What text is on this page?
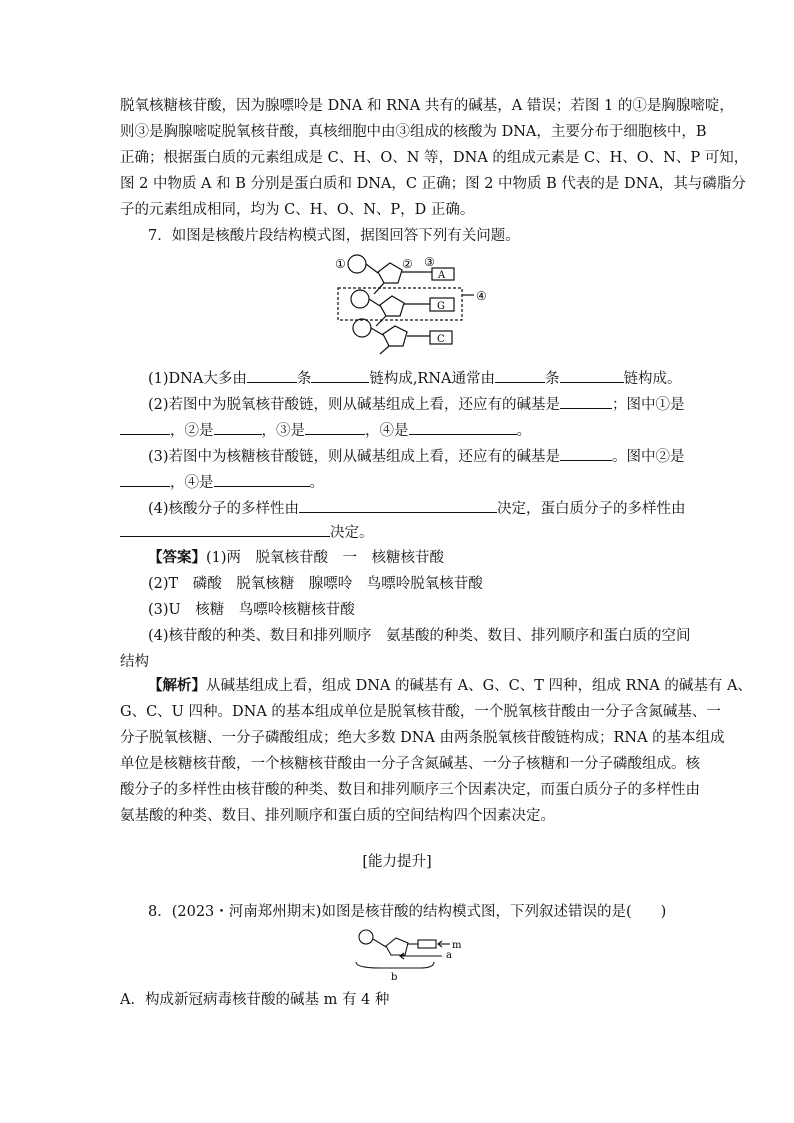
脱氧核糖核苷酸，因为腺嘌呤是 DNA 和 RNA 共有的碱基，A 错误；若图 1 的①是胸腺嘧啶，
则③是胸腺嘧啶脱氧核苷酸，真核细胞中由③组成的核酸为 DNA，主要分布于细胞核中，B
正确；根据蛋白质的元素组成是 C、H、O、N 等，DNA 的组成元素是 C、H、O、N、P 可知，
图 2 中物质 A 和 B 分别是蛋白质和 DNA，C 正确；图 2 中物质 B 代表的是 DNA，其与磷脂分
子的元素组成相同，均为 C、H、O、N、P，D 正确。
7．如图是核酸片段结构模式图，据图回答下列有关问题。
①	② ③
④
A
G
C
(1)DNA大多由	条	链构成,RNA通常由	条	链构成。
(2)若图中为脱氧核苷酸链，则从碱基组成上看，还应有的碱基是	；图中①是
，②是	，③是	，④是	。
(3)若图中为核糖核苷酸链，则从碱基组成上看，还应有的碱基是	。图中②是
，④是	。
(4)核酸分子的多样性由	决定，蛋白质分子的多样性由
决定。
【答案】(1)两　脱氧核苷酸　一　核糖核苷酸
(2)T　磷酸　脱氧核糖　腺嘌呤　鸟嘌呤脱氧核苷酸
(3)U　核糖　鸟嘌呤核糖核苷酸
(4)核苷酸的种类、数目和排列顺序　氨基酸的种类、数目、排列顺序和蛋白质的空间
结构
【解析】从碱基组成上看，组成 DNA 的碱基有 A、G、C、T 四种，组成 RNA 的碱基有 A、
G、C、U 四种。DNA 的基本组成单位是脱氧核苷酸，一个脱氧核苷酸由一分子含氮碱基、一
分子脱氧核糖、一分子磷酸组成；绝大多数 DNA 由两条脱氧核苷酸链构成；RNA 的基本组成
单位是核糖核苷酸，一个核糖核苷酸由一分子含氮碱基、一分子核糖和一分子磷酸组成。核
酸分子的多样性由核苷酸的种类、数目和排列顺序三个因素决定，而蛋白质分子的多样性由
氨基酸的种类、数目、排列顺序和蛋白质的空间结构四个因素决定。
[能力提升]
8．(2023・河南郑州期末)如图是核苷酸的结构模式图，下列叙述错误的是(　　)
m
a
b
A．构成新冠病毒核苷酸的碱基 m 有 4 种
